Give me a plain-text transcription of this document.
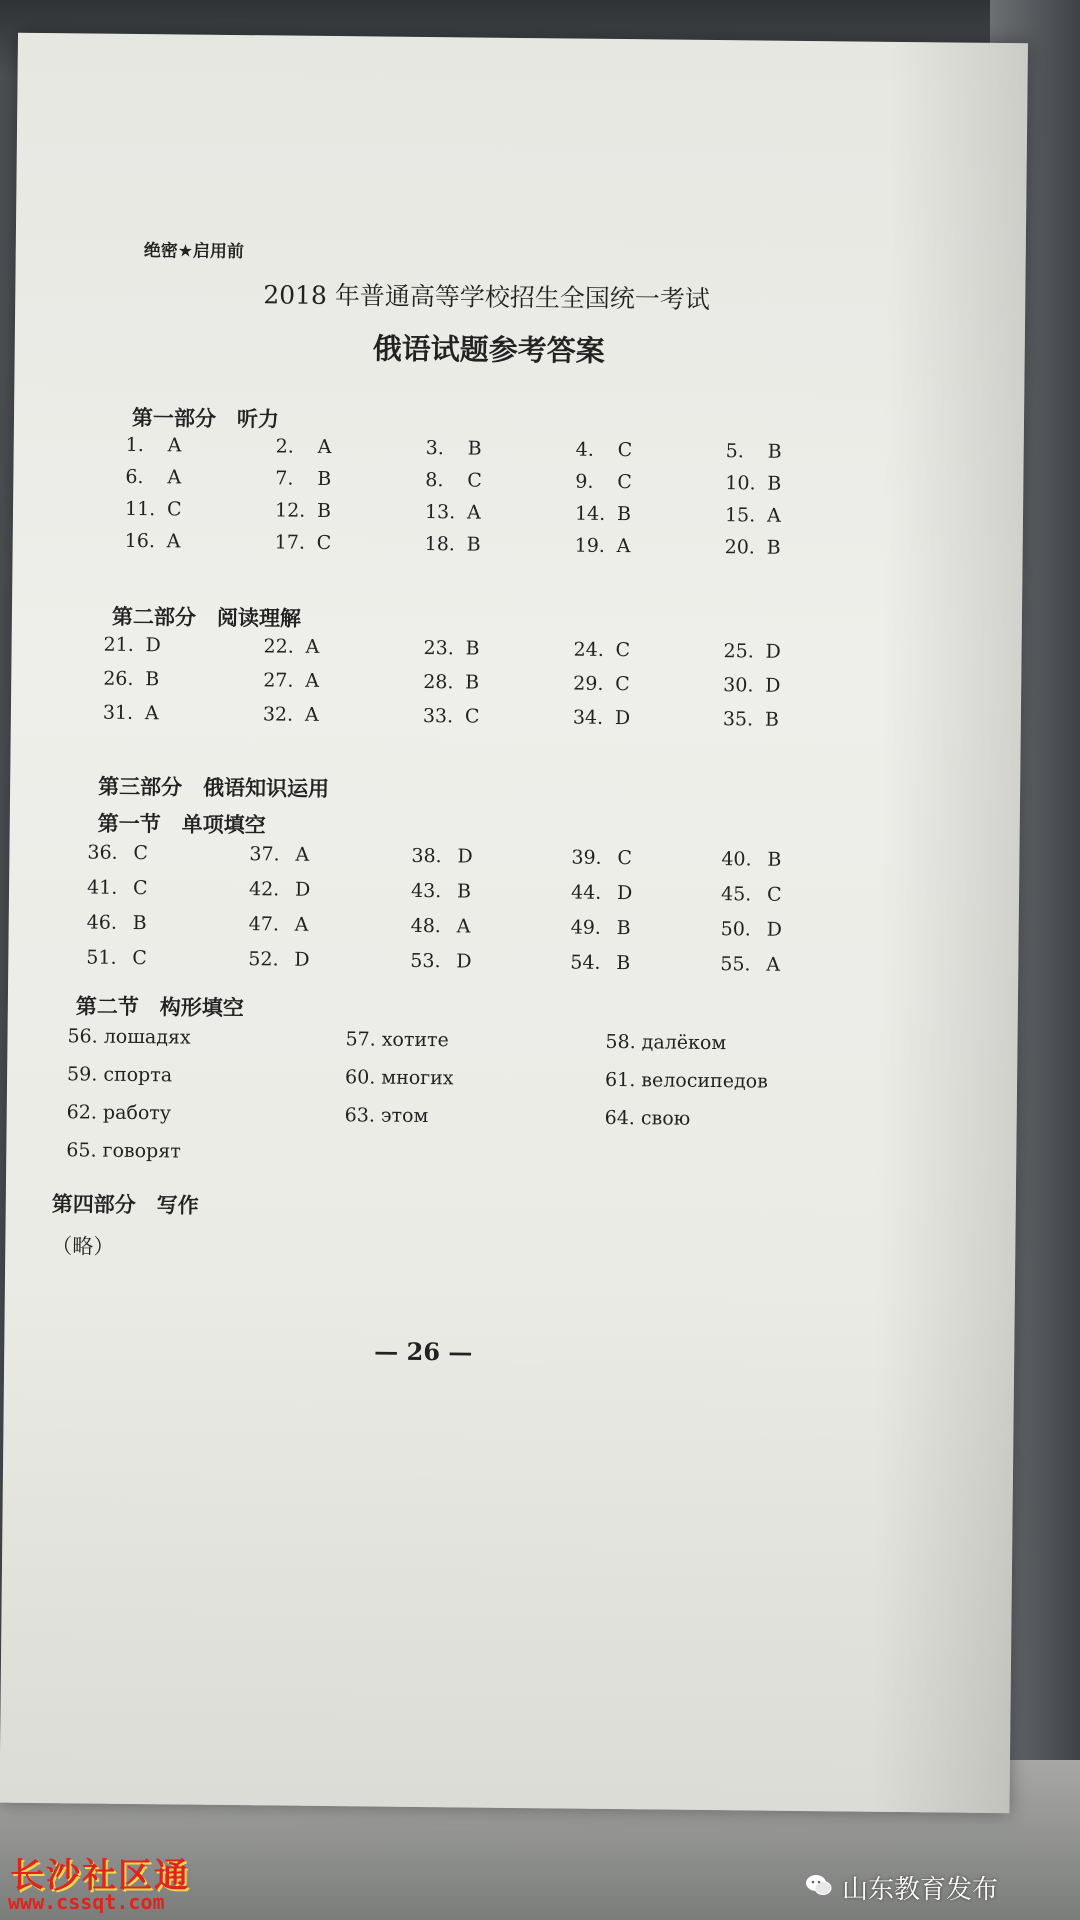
绝密★启用前
2018 年普通高等学校招生全国统一考试
俄语试题参考答案
第一部分　听力
1. A	2. A	3. B	4. C	5. B
6. A	7. B	8. C	9. C	10. B
11. C	12. B	13. A	14. B	15. A
16. A	17. C	18. B	19. A	20. B
第二部分　阅读理解
21. D	22. A	23. B	24. C	25. D
26. B	27. A	28. B	29. C	30. D
31. A	32. A	33. C	34. D	35. B
第三部分　俄语知识运用
第一节　单项填空
36. C	37. A	38. D	39. C	40. B
41. C	42. D	43. B	44. D	45. C
46. B	47. A	48. A	49. B	50. D
51. C	52. D	53. D	54. B	55. A
第二节　构形填空
56. лошадях	57. хотите	58. далёком
59. спорта	60. многих	61. велосипедов
62. работу	63. этом	64. свою
65. говорят
第四部分　写作
（略）
— 26 —
长沙社区通
www.cssqt.com	山东教育发布
